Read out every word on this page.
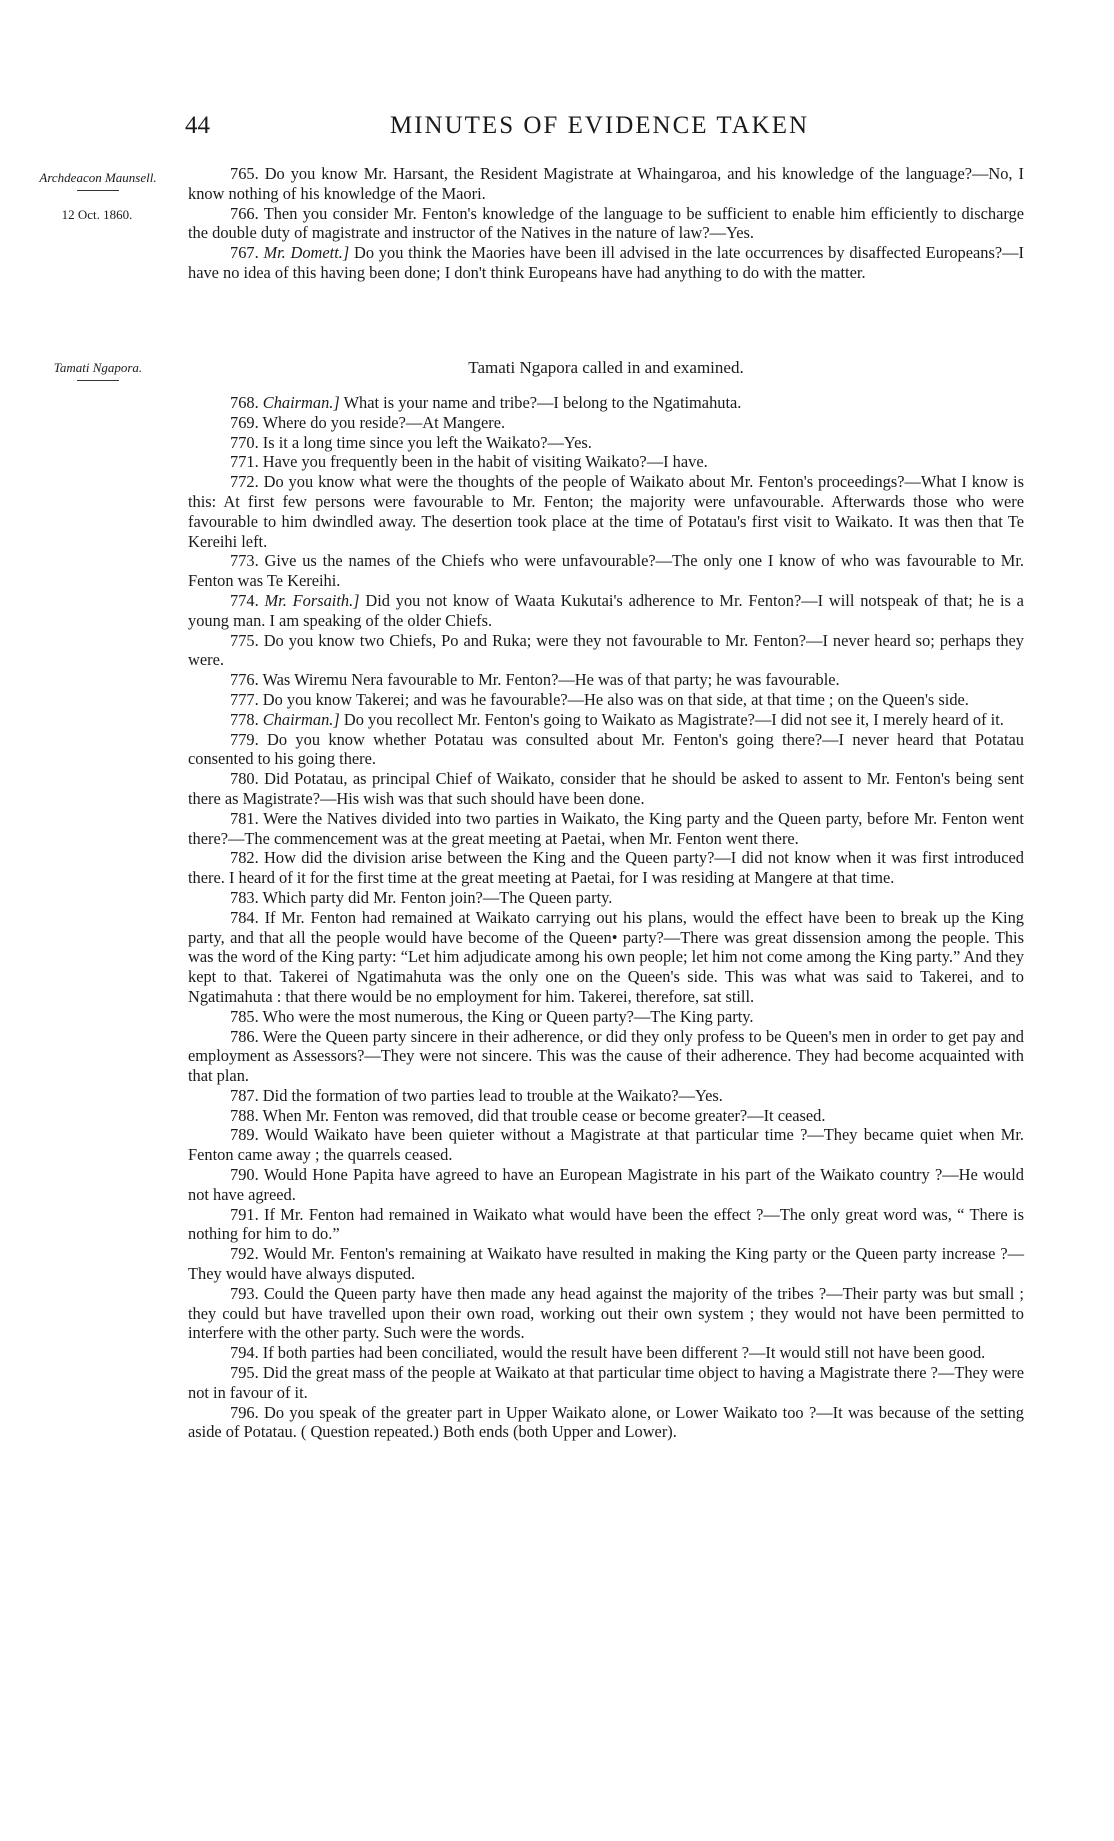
44	MINUTES OF EVIDENCE TAKEN
Archdeacon Maunsell.
12 Oct. 1860.

765. Do you know Mr. Harsant, the Resident Magistrate at Whaingaroa, and his knowledge of the language?—No, I know nothing of his knowledge of the Maori.

766. Then you consider Mr. Fenton's knowledge of the language to be sufficient to enable him efficiently to discharge the double duty of magistrate and instructor of the Natives in the nature of law?—Yes.

767. Mr. Domett.] Do you think the Maories have been ill advised in the late occurrences by disaffected Europeans?—I have no idea of this having been done; I don't think Europeans have had anything to do with the matter.

Tamati Ngapora.	Tamati Ngapora called in and examined.

768. Chairman.] What is your name and tribe?—I belong to the Ngatimahuta.

769. Where do you reside?—At Mangere.

770. Is it a long time since you left the Waikato?—Yes.

771. Have you frequently been in the habit of visiting Waikato?—I have.

772. Do you know what were the thoughts of the people of Waikato about Mr. Fenton's proceedings?—What I know is this: At first few persons were favourable to Mr. Fenton; the majority were unfavourable. Afterwards those who were favourable to him dwindled away. The desertion took place at the time of Potatau's first visit to Waikato. It was then that Te Kereihi left.

773. Give us the names of the Chiefs who were unfavourable?—The only one I know of who was favourable to Mr. Fenton was Te Kereihi.

774. Mr. Forsaith.] Did you not know of Waata Kukutai's adherence to Mr. Fenton?—I will notspeak of that; he is a young man. I am speaking of the older Chiefs.

775. Do you know two Chiefs, Po and Ruka; were they not favourable to Mr. Fenton?—I never heard so; perhaps they were.

776. Was Wiremu Nera favourable to Mr. Fenton?—He was of that party; he was favourable.

777. Do you know Takerei; and was he favourable?—He also was on that side, at that time ; on the Queen's side.

778. Chairman.] Do you recollect Mr. Fenton's going to Waikato as Magistrate?—I did not see it, I merely heard of it.

779. Do you know whether Potatau was consulted about Mr. Fenton's going there?—I never heard that Potatau consented to his going there.

780. Did Potatau, as principal Chief of Waikato, consider that he should be asked to assent to Mr. Fenton's being sent there as Magistrate?—His wish was that such should have been done.

781. Were the Natives divided into two parties in Waikato, the King party and the Queen party, before Mr. Fenton went there?—The commencement was at the great meeting at Paetai, when Mr. Fenton went there.

782. How did the division arise between the King and the Queen party?—I did not know when it was first introduced there. I heard of it for the first time at the great meeting at Paetai, for I was residing at Mangere at that time.

783. Which party did Mr. Fenton join?—The Queen party.

784. If Mr. Fenton had remained at Waikato carrying out his plans, would the effect have been to break up the King party, and that all the people would have become of the Queen• party?—There was great dissension among the people. This was the word of the King party: “Let him adjudicate among his own people; let him not come among the King party.” And they kept to that. Takerei of Ngatimahuta was the only one on the Queen's side. This was what was said to Takerei, and to Ngatimahuta : that there would be no employment for him. Takerei, therefore, sat still.

785. Who were the most numerous, the King or Queen party?—The King party.

786. Were the Queen party sincere in their adherence, or did they only profess to be Queen's men in order to get pay and employment as Assessors?—They were not sincere. This was the cause of their adherence. They had become acquainted with that plan.

787. Did the formation of two parties lead to trouble at the Waikato?—Yes.

788. When Mr. Fenton was removed, did that trouble cease or become greater?—It ceased.

789. Would Waikato have been quieter without a Magistrate at that particular time ?—They became quiet when Mr. Fenton came away ; the quarrels ceased.

790. Would Hone Papita have agreed to have an European Magistrate in his part of the Waikato country ?—He would not have agreed.

791. If Mr. Fenton had remained in Waikato what would have been the effect ?—The only great word was, “ There is nothing for him to do.”

792. Would Mr. Fenton's remaining at Waikato have resulted in making the King party or the Queen party increase ?—They would have always disputed.

793. Could the Queen party have then made any head against the majority of the tribes ?—Their party was but small ; they could but have travelled upon their own road, working out their own system ; they would not have been permitted to interfere with the other party. Such were the words.

794. If both parties had been conciliated, would the result have been different ?—It would still not have been good.

795. Did the great mass of the people at Waikato at that particular time object to having a Magistrate there ?—They were not in favour of it.

796. Do you speak of the greater part in Upper Waikato alone, or Lower Waikato too ?—It was because of the setting aside of Potatau. ( Question repeated.) Both ends (both Upper and Lower).
